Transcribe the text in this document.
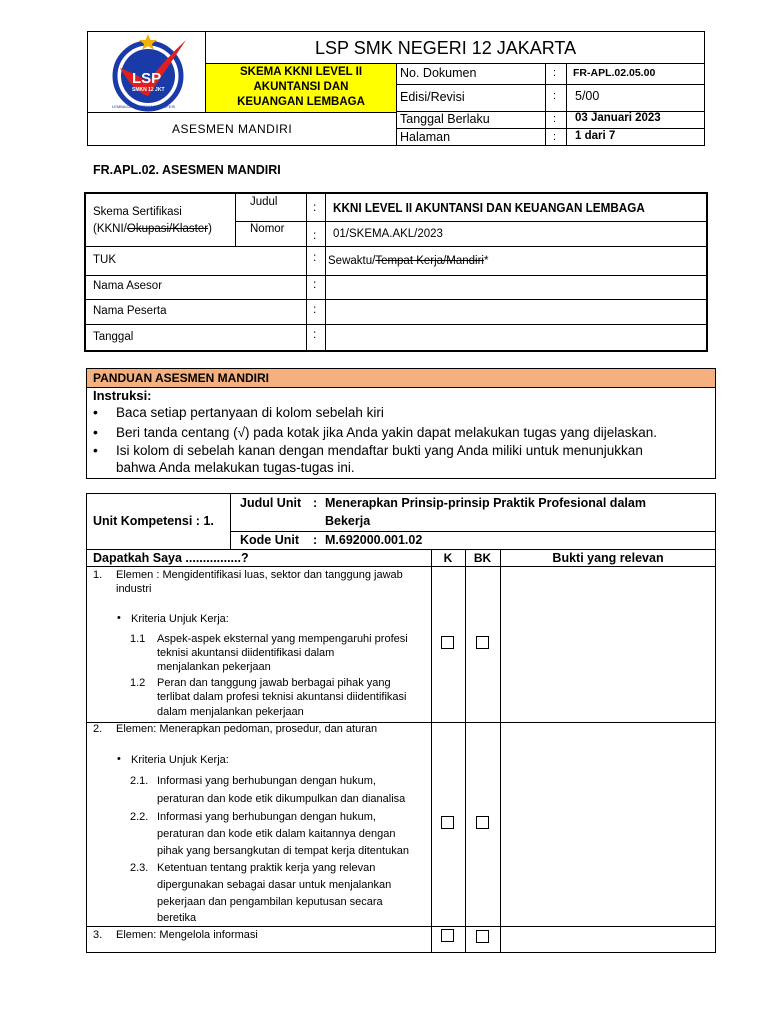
LSP
SMKN 12 JKT
LEMBAGA SERTIFIKASI PROFESI
LSP SMK NEGERI 12 JAKARTA
SKEMA KKNI LEVEL II
AKUNTANSI DAN
KEUANGAN LEMBAGA
ASESMEN MANDIRI
No. Dokumen	: FR-APL.02.05.00
Edisi/Revisi	: 5/00
Tanggal Berlaku	: 03 Januari 2023
Halaman	: 1 dari 7
FR.APL.02. ASESMEN MANDIRI
Skema Sertifikasi
(KKNI/Okupasi/Klaster)
Judul	: KKNI LEVEL II AKUNTANSI DAN KEUANGAN LEMBAGA
Nomor : 01/SKEMA.AKL/2023
TUK	: Sewaktu/Tempat Kerja/Mandiri*
Nama Asesor	:
Nama Peserta	:
Tanggal	:
PANDUAN ASESMEN MANDIRI
Instruksi:
• Baca setiap pertanyaan di kolom sebelah kiri
• Beri tanda centang (√) pada kotak jika Anda yakin dapat melakukan tugas yang dijelaskan.
• Isi kolom di sebelah kanan dengan mendaftar bukti yang Anda miliki untuk menunjukkan
bahwa Anda melakukan tugas-tugas ini.
Unit Kompetensi : 1.
Judul Unit : Menerapkan Prinsip-prinsip Praktik Profesional dalam
Bekerja
Kode Unit : M.692000.001.02
Dapatkah Saya ................?	K	BK	Bukti yang relevan
1. Elemen : Mengidentifikasi luas, sektor dan tanggung jawab
industri
• Kriteria Unjuk Kerja:
1.1 Aspek-aspek eksternal yang mempengaruhi profesi
teknisi akuntansi diidentifikasi dalam
menjalankan pekerjaan
1.2 Peran dan tanggung jawab berbagai pihak yang
terlibat dalam profesi teknisi akuntansi diidentifikasi
dalam menjalankan pekerjaan
2. Elemen: Menerapkan pedoman, prosedur, dan aturan
• Kriteria Unjuk Kerja:
2.1. Informasi yang berhubungan dengan hukum,
peraturan dan kode etik dikumpulkan dan dianalisa
2.2. Informasi yang berhubungan dengan hukum,
peraturan dan kode etik dalam kaitannya dengan
pihak yang bersangkutan di tempat kerja ditentukan
2.3. Ketentuan tentang praktik kerja yang relevan
dipergunakan sebagai dasar untuk menjalankan
pekerjaan dan pengambilan keputusan secara
beretika
3. Elemen: Mengelola informasi
